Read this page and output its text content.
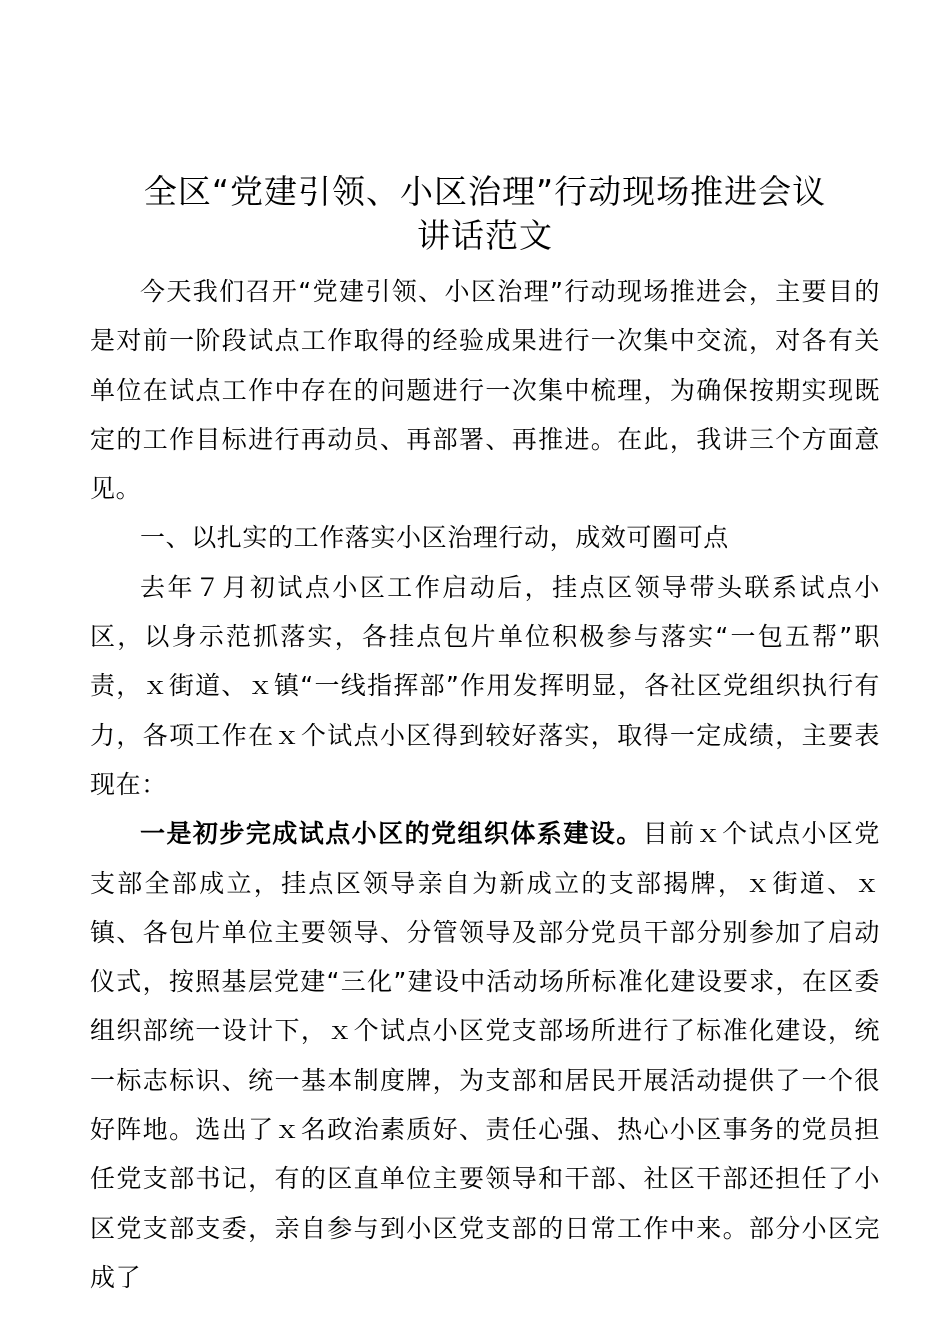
全区“党建引领、小区治理”行动现场推进会议
讲话范文

今天我们召开“党建引领、小区治理”行动现场推进会，主要目的是对前一阶段试点工作取得的经验成果进行一次集中交流，对各有关单位在试点工作中存在的问题进行一次集中梳理，为确保按期实现既定的工作目标进行再动员、再部署、再推进。在此，我讲三个方面意见。

一、以扎实的工作落实小区治理行动，成效可圈可点

去年７月初试点小区工作启动后，挂点区领导带头联系试点小区，以身示范抓落实，各挂点包片单位积极参与落实“一包五帮”职责，ｘ街道、ｘ镇“一线指挥部”作用发挥明显，各社区党组织执行有力，各项工作在ｘ个试点小区得到较好落实，取得一定成绩，主要表现在：

一是初步完成试点小区的党组织体系建设。目前ｘ个试点小区党支部全部成立，挂点区领导亲自为新成立的支部揭牌，ｘ街道、ｘ镇、各包片单位主要领导、分管领导及部分党员干部分别参加了启动仪式，按照基层党建“三化”建设中活动场所标准化建设要求，在区委组织部统一设计下，ｘ个试点小区党支部场所进行了标准化建设，统一标志标识、统一基本制度牌，为支部和居民开展活动提供了一个很好阵地。选出了ｘ名政治素质好、责任心强、热心小区事务的党员担任党支部书记，有的区直单位主要领导和干部、社区干部还担任了小区党支部支委，亲自参与到小区党支部的日常工作中来。部分小区完成了
